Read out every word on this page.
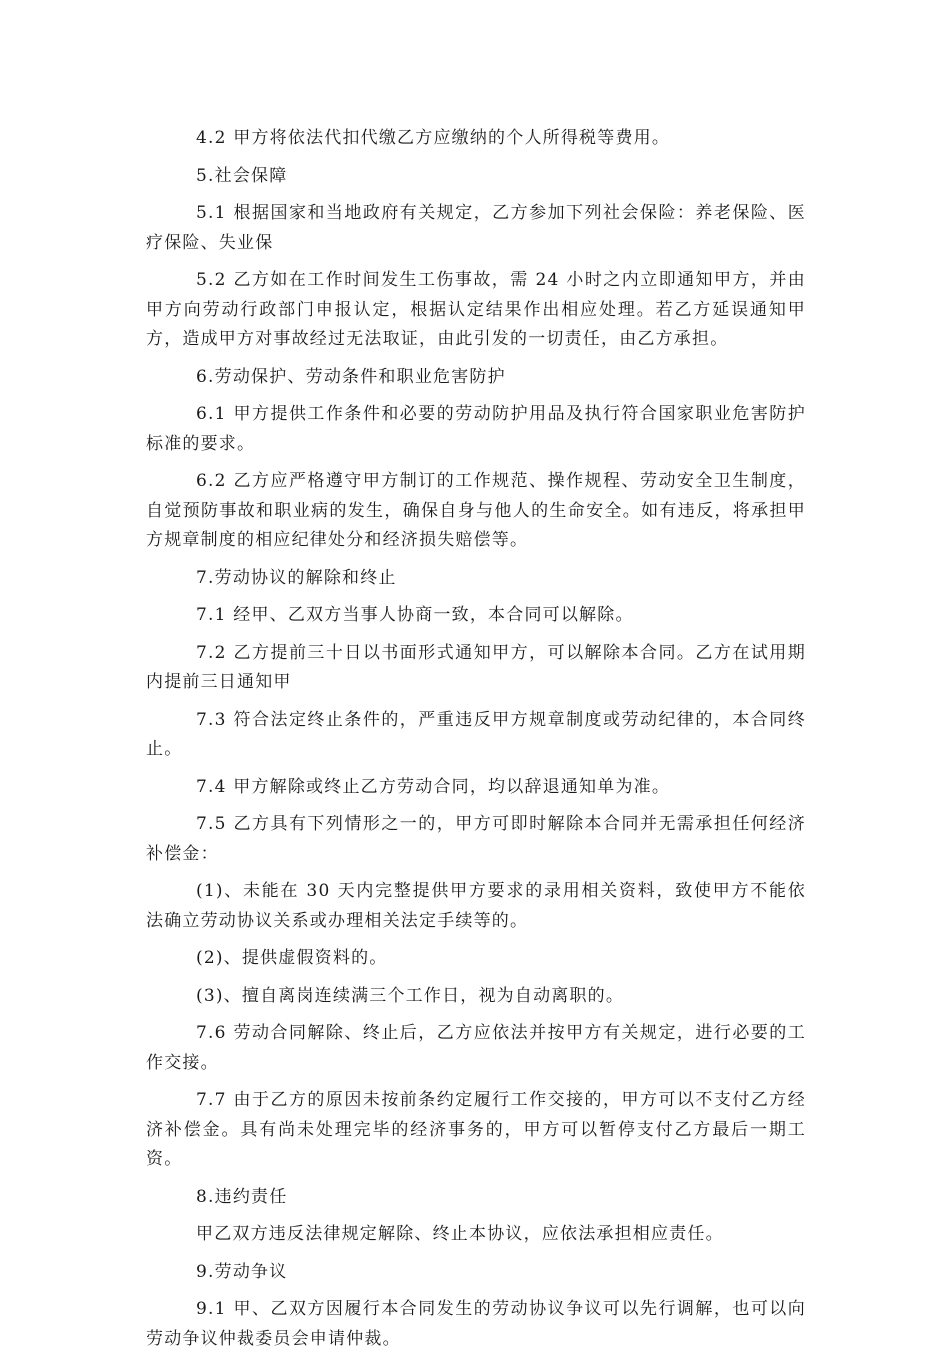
4.2 甲方将依法代扣代缴乙方应缴纳的个人所得税等费用。

5.社会保障

5.1 根据国家和当地政府有关规定，乙方参加下列社会保险：养老保险、医疗保险、失业保

5.2 乙方如在工作时间发生工伤事故，需 24 小时之内立即通知甲方，并由甲方向劳动行政部门申报认定，根据认定结果作出相应处理。若乙方延误通知甲方，造成甲方对事故经过无法取证，由此引发的一切责任，由乙方承担。

6.劳动保护、劳动条件和职业危害防护

6.1 甲方提供工作条件和必要的劳动防护用品及执行符合国家职业危害防护标准的要求。

6.2 乙方应严格遵守甲方制订的工作规范、操作规程、劳动安全卫生制度，自觉预防事故和职业病的发生，确保自身与他人的生命安全。如有违反，将承担甲方规章制度的相应纪律处分和经济损失赔偿等。

7.劳动协议的解除和终止

7.1 经甲、乙双方当事人协商一致，本合同可以解除。

7.2 乙方提前三十日以书面形式通知甲方，可以解除本合同。乙方在试用期内提前三日通知甲

7.3 符合法定终止条件的，严重违反甲方规章制度或劳动纪律的，本合同终止。

7.4 甲方解除或终止乙方劳动合同，均以辞退通知单为准。

7.5 乙方具有下列情形之一的，甲方可即时解除本合同并无需承担任何经济补偿金：

(1)、未能在 30 天内完整提供甲方要求的录用相关资料，致使甲方不能依法确立劳动协议关系或办理相关法定手续等的。

(2)、提供虚假资料的。

(3)、擅自离岗连续满三个工作日，视为自动离职的。

7.6 劳动合同解除、终止后，乙方应依法并按甲方有关规定，进行必要的工作交接。

7.7 由于乙方的原因未按前条约定履行工作交接的，甲方可以不支付乙方经济补偿金。具有尚未处理完毕的经济事务的，甲方可以暂停支付乙方最后一期工资。

8.违约责任

甲乙双方违反法律规定解除、终止本协议，应依法承担相应责任。

9.劳动争议

9.1 甲、乙双方因履行本合同发生的劳动协议争议可以先行调解，也可以向劳动争议仲裁委员会申请仲裁。
